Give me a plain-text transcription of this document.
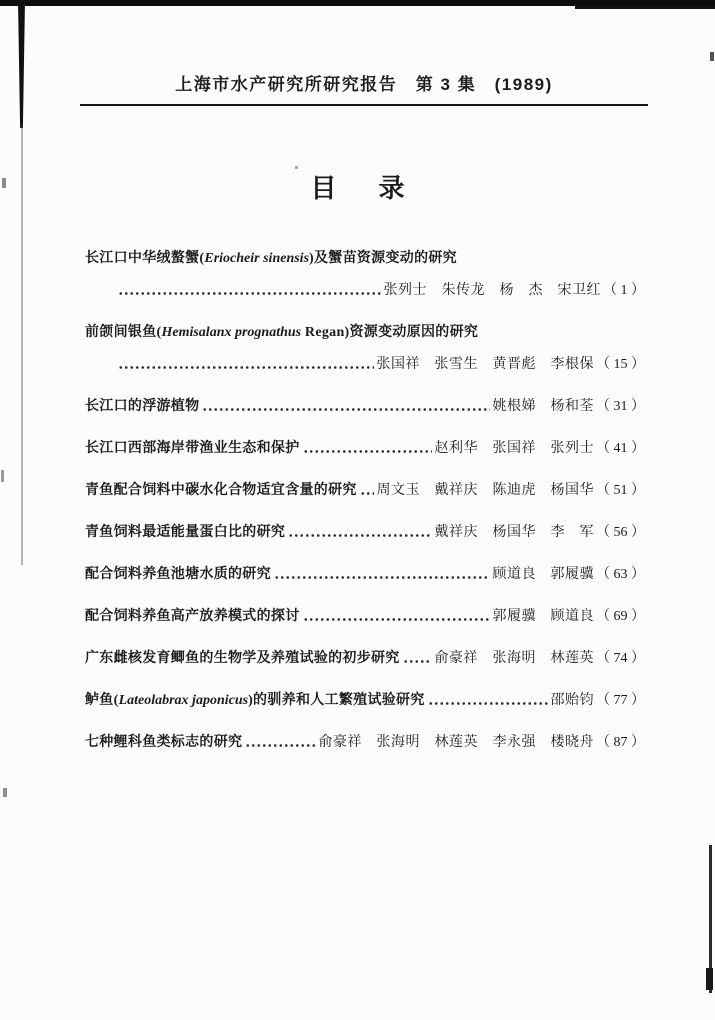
上海市水产研究所研究报告　第 3 集　(1989)
目 录
长江口中华绒螯蟹(Eriocheir sinensis)及蟹苗资源变动的研究
张列士　朱传龙　杨　杰　宋卫红 （ 1 ）
前颌间银鱼(Hemisalanx prognathus Regan)资源变动原因的研究
张国祥　张雪生　黄晋彪　李根保 （ 15 ）
长江口的浮游植物	姚根娣　杨和荃 （ 31 ）
长江口西部海岸带渔业生态和保护	赵利华　张国祥　张列士 （ 41 ）
青鱼配合饲料中碳水化合物适宜含量的研究 周文玉　戴祥庆　陈迪虎　杨国华 （ 51 ）
青鱼饲料最适能量蛋白比的研究	戴祥庆　杨国华　李　军 （ 56 ）
配合饲料养鱼池塘水质的研究	顾道良　郭履骥 （ 63 ）
配合饲料养鱼高产放养模式的探讨	郭履骥　顾道良 （ 69 ）
广东雌核发育鲫鱼的生物学及养殖试验的初步研究 俞豪祥　张海明　林莲英 （ 74 ）
鲈鱼(Lateolabrax japonicus)的驯养和人工繁殖试验研究	邵贻钧 （ 77 ）
七种鲤科鱼类标志的研究	俞豪祥　张海明　林莲英　李永强　楼晓舟 （ 87 ）
